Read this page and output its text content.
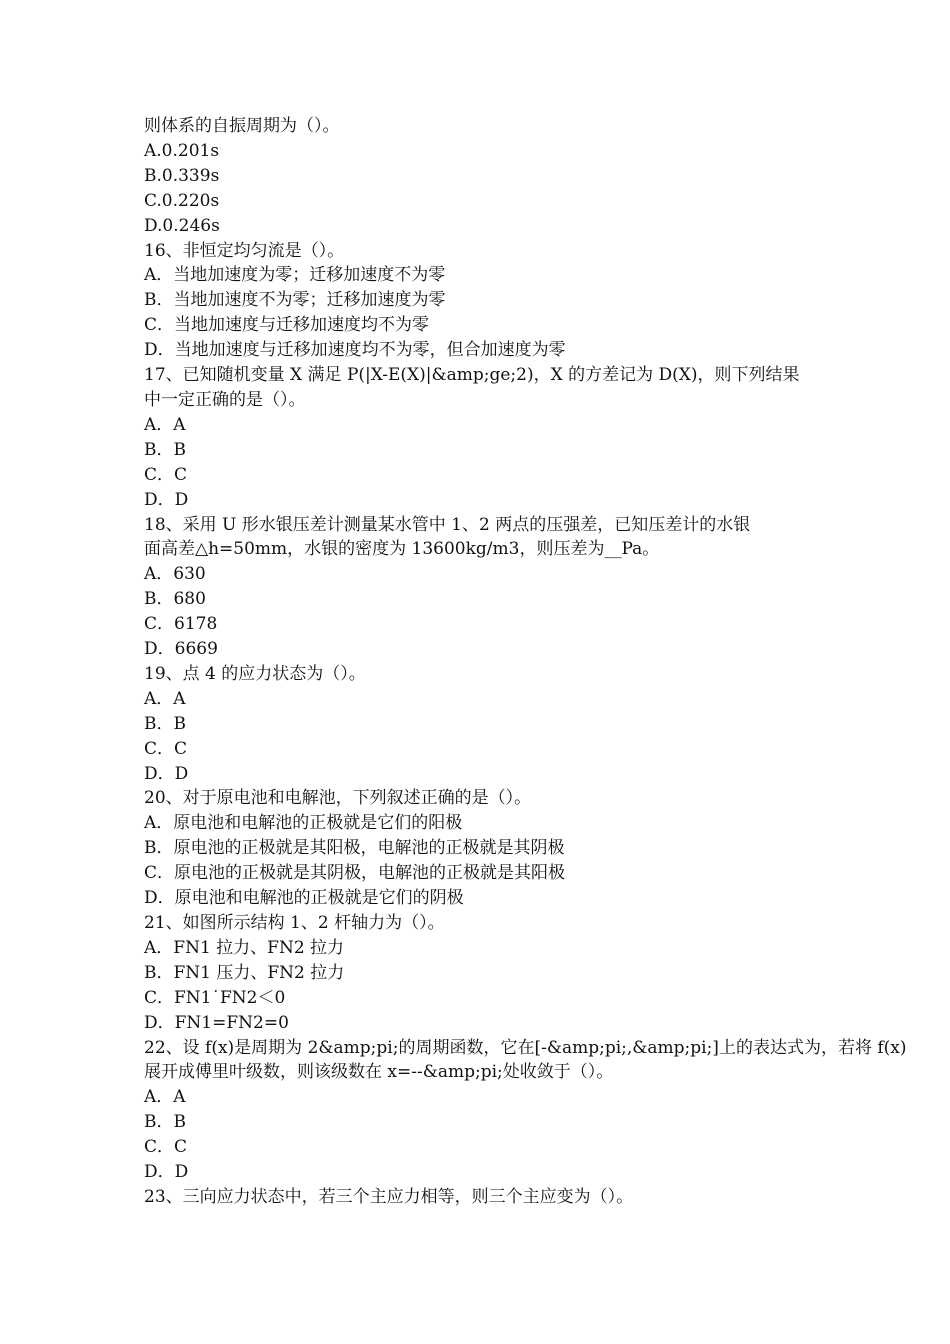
则体系的自振周期为（）。
A.0.201s
B.0.339s
C.0.220s
D.0.246s
16、非恒定均匀流是（）。
A．当地加速度为零；迁移加速度不为零
B．当地加速度不为零；迁移加速度为零
C．当地加速度与迁移加速度均不为零
D．当地加速度与迁移加速度均不为零，但合加速度为零
17、已知随机变量 X 满足 P(|X-E(X)|&amp;ge;2)，X 的方差记为 D(X)，则下列结果
中一定正确的是（）。
A．A
B．B
C．C
D．D
18、采用 U 形水银压差计测量某水管中 1、2 两点的压强差，已知压差计的水银
面高差△h=50mm，水银的密度为 13600kg/m3，则压差为__Pa。
A．630
B．680
C．6178
D．6669
19、点 4 的应力状态为（）。
A．A
B．B
C．C
D．D
20、对于原电池和电解池，下列叙述正确的是（）。
A．原电池和电解池的正极就是它们的阳极
B．原电池的正极就是其阳极，电解池的正极就是其阴极
C．原电池的正极就是其阴极，电解池的正极就是其阳极
D．原电池和电解池的正极就是它们的阴极
21、如图所示结构 1、2 杆轴力为（）。
A．FN1 拉力、FN2 拉力
B．FN1 压力、FN2 拉力
C．FN1˙FN2＜0
D．FN1=FN2=0
22、设 f(x)是周期为 2&amp;pi;的周期函数，它在[-&amp;pi;,&amp;pi;]上的表达式为，若将 f(x)
展开成傅里叶级数，则该级数在 x=--&amp;pi;处收敛于（）。
A．A
B．B
C．C
D．D
23、三向应力状态中，若三个主应力相等，则三个主应变为（）。
